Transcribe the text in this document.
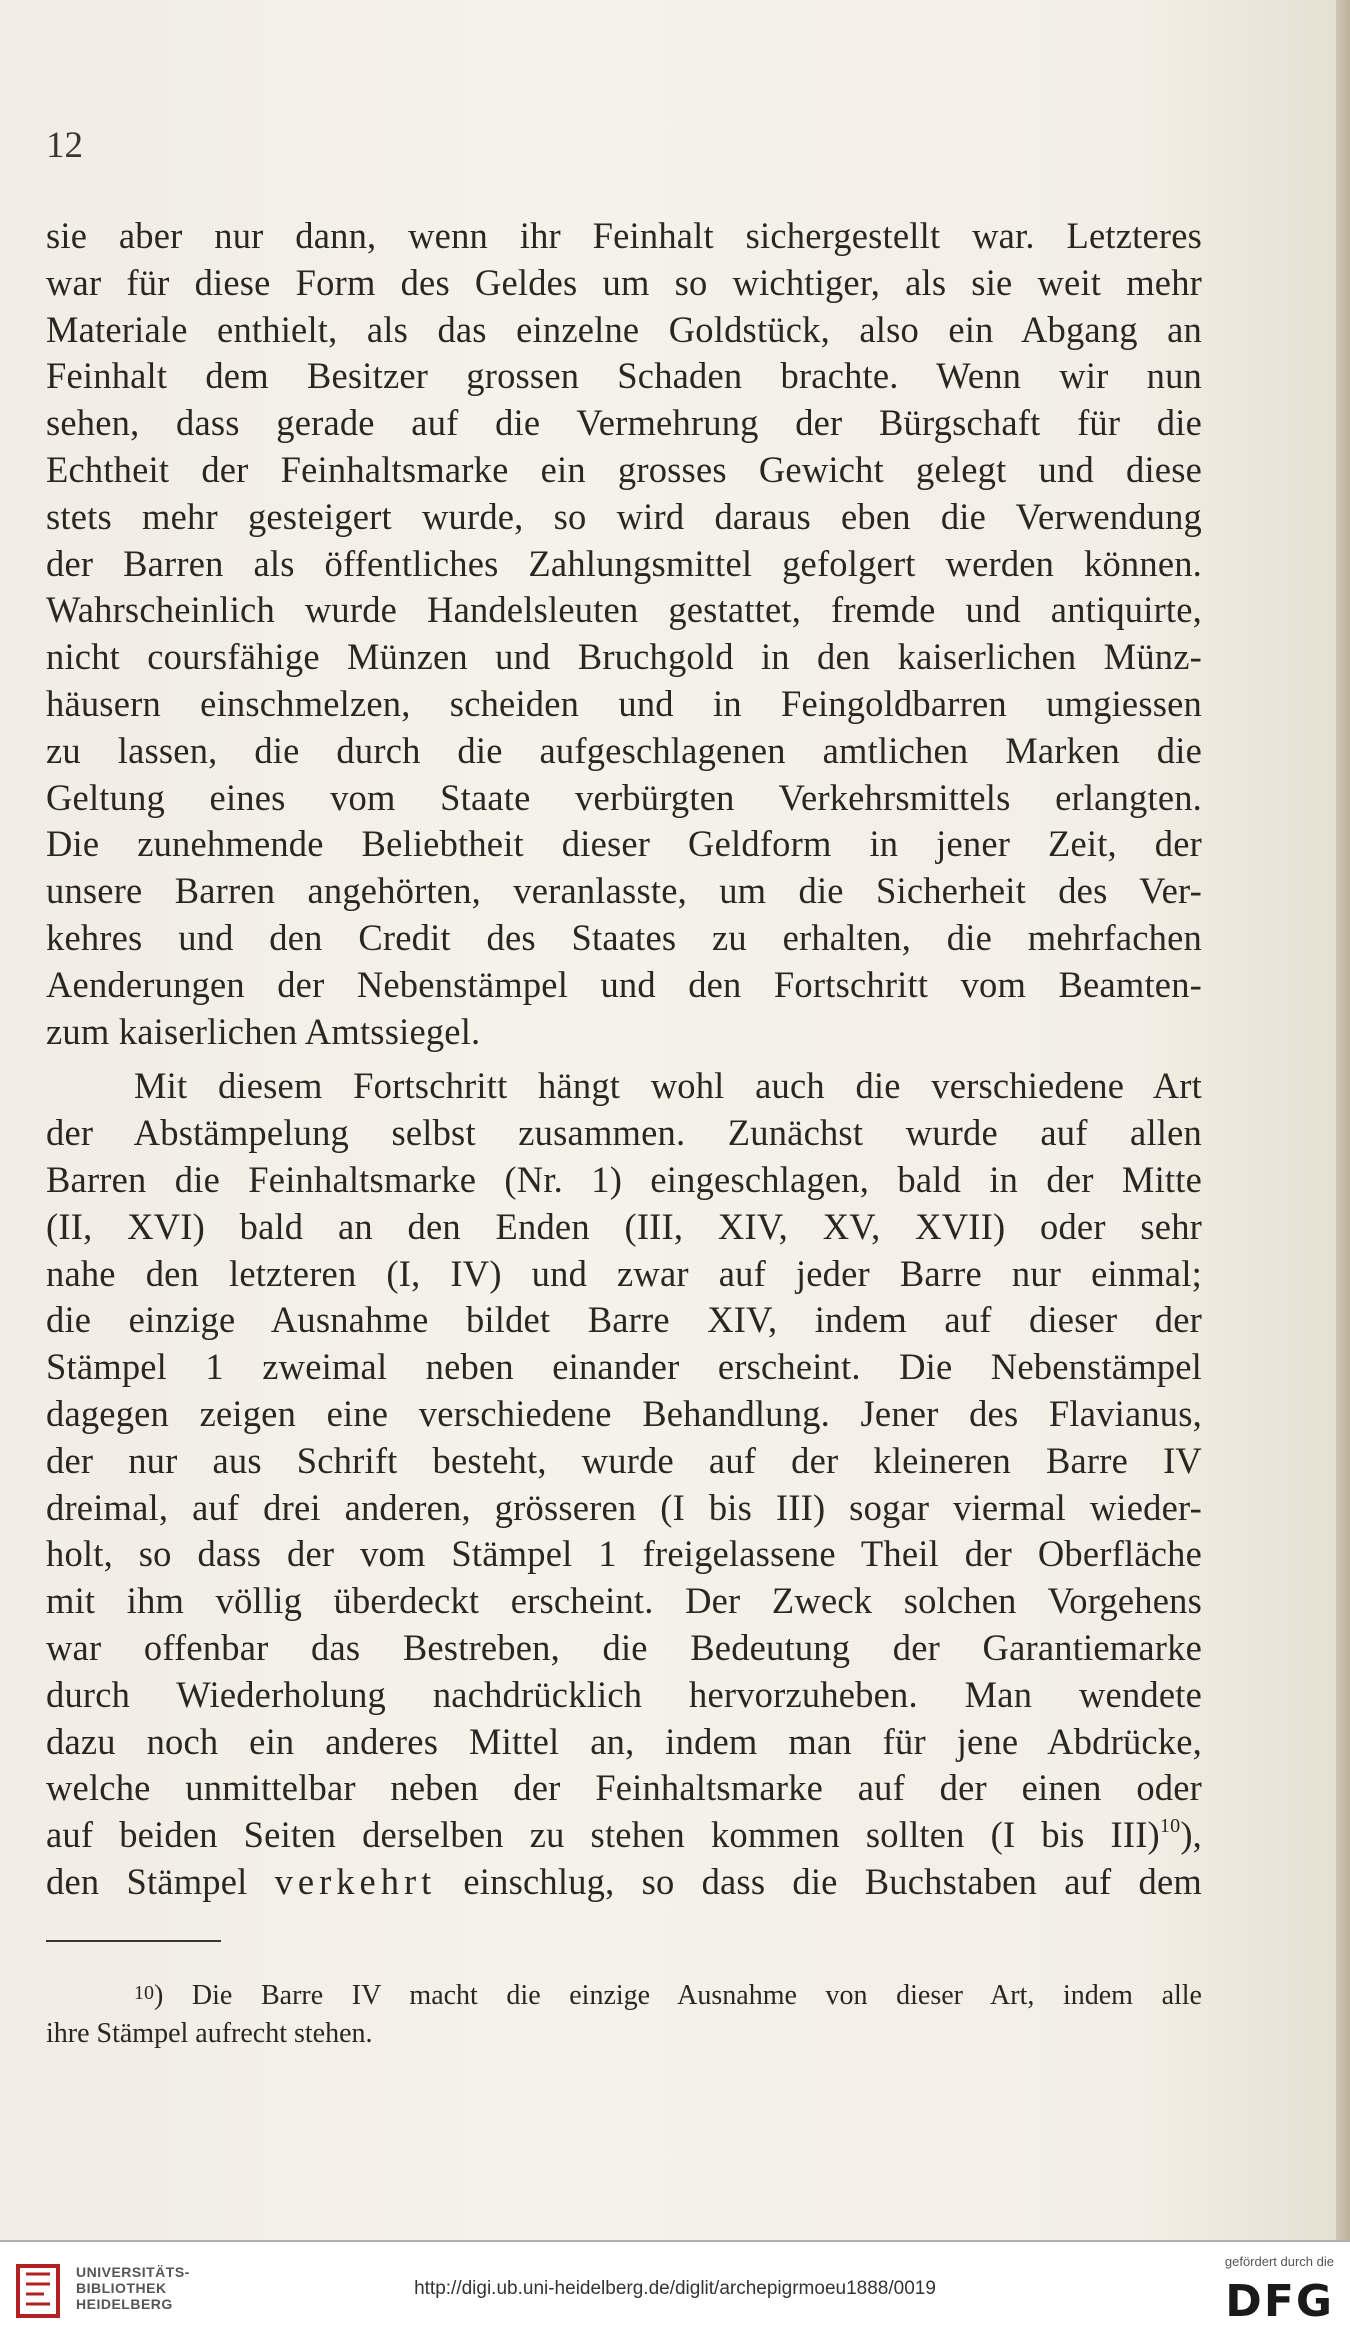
12
sie aber nur dann, wenn ihr Feinhalt sichergestellt war. Letzteres
war für diese Form des Geldes um so wichtiger, als sie weit mehr
Materiale enthielt, als das einzelne Goldstück, also ein Abgang an
Feinhalt dem Besitzer grossen Schaden brachte. Wenn wir nun
sehen, dass gerade auf die Vermehrung der Bürgschaft für die
Echtheit der Feinhaltsmarke ein grosses Gewicht gelegt und diese
stets mehr gesteigert wurde, so wird daraus eben die Verwendung
der Barren als öffentliches Zahlungsmittel gefolgert werden können.
Wahrscheinlich wurde Handelsleuten gestattet, fremde und antiquirte,
nicht coursfähige Münzen und Bruchgold in den kaiserlichen Münz-
häusern einschmelzen, scheiden und in Feingoldbarren umgiessen
zu lassen, die durch die aufgeschlagenen amtlichen Marken die
Geltung eines vom Staate verbürgten Verkehrsmittels erlangten.
Die zunehmende Beliebtheit dieser Geldform in jener Zeit, der
unsere Barren angehörten, veranlasste, um die Sicherheit des Ver-
kehres und den Credit des Staates zu erhalten, die mehrfachen
Aenderungen der Nebenstämpel und den Fortschritt vom Beamten-
zum kaiserlichen Amtssiegel.
Mit diesem Fortschritt hängt wohl auch die verschiedene Art
der Abstämpelung selbst zusammen. Zunächst wurde auf allen
Barren die Feinhaltsmarke (Nr. 1) eingeschlagen, bald in der Mitte
(II, XVI) bald an den Enden (III, XIV, XV, XVII) oder sehr
nahe den letzteren (I, IV) und zwar auf jeder Barre nur einmal;
die einzige Ausnahme bildet Barre XIV, indem auf dieser der
Stämpel 1 zweimal neben einander erscheint. Die Nebenstämpel
dagegen zeigen eine verschiedene Behandlung. Jener des Flavianus,
der nur aus Schrift besteht, wurde auf der kleineren Barre IV
dreimal, auf drei anderen, grösseren (I bis III) sogar viermal wieder-
holt, so dass der vom Stämpel 1 freigelassene Theil der Oberfläche
mit ihm völlig überdeckt erscheint. Der Zweck solchen Vorgehens
war offenbar das Bestreben, die Bedeutung der Garantiemarke
durch Wiederholung nachdrücklich hervorzuheben. Man wendete
dazu noch ein anderes Mittel an, indem man für jene Abdrücke,
welche unmittelbar neben der Feinhaltsmarke auf der einen oder
auf beiden Seiten derselben zu stehen kommen sollten (I bis III)$^{10}$),
den Stämpel verkehrt einschlug, so dass die Buchstaben auf dem
$^{10}$) Die Barre IV macht die einzige Ausnahme von dieser Art, indem alle
ihre Stämpel aufrecht stehen.
UNIVERSITÄTS-
BIBLIOTHEK
HEIDELBERG
http://digi.ub.uni-heidelberg.de/diglit/archepigrmoeu1888/0019
gefördert durch die
DFG
